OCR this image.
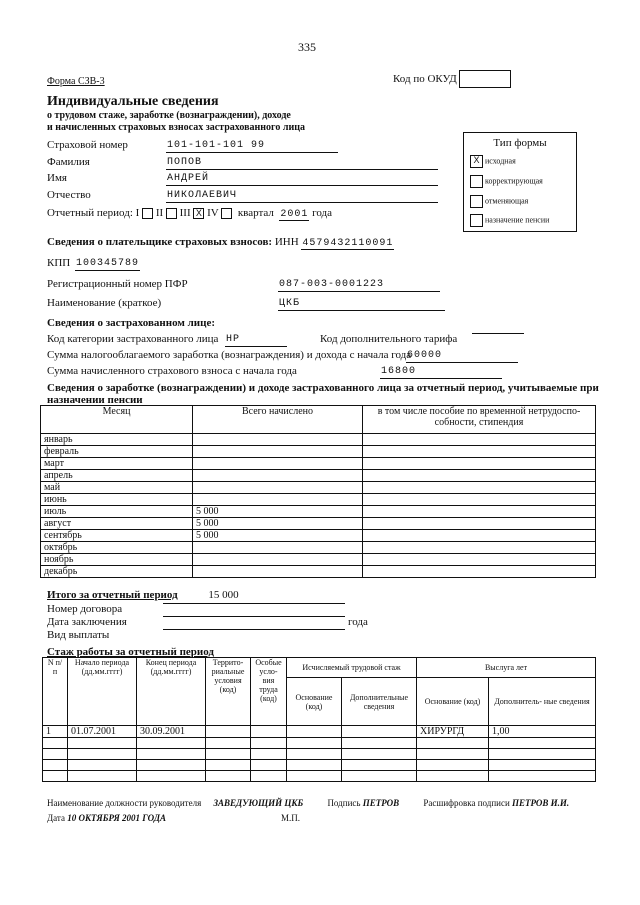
335
Форма СЗВ-3	Код по ОКУД
Индивидуальные сведения
о трудовом стаже, заработке (вознаграждении), доходе
и начисленных страховых взносах застрахованного лица
Страховой номер	101-101-101 99
Фамилия	ПОПОВ
Имя	АНДРЕЙ
Отчество	НИКОЛАЕВИЧ
Отчетный период: I II III X IV квартал 2001 года
Тип формы
X исходная
корректирующая
отменяющая
назначение пенсии
Сведения о плательщике страховых взносов: ИНН 4579432110091
КПП 100345789
Регистрационный номер ПФР	087-003-0001223
Наименование (краткое)	ЦКБ
Сведения о застрахованном лице:
Код категории застрахованного лица НР	Код дополнительного тарифа
Сумма налогооблагаемого заработка (вознаграждения) и дохода с начала года
60000
Сумма начисленного страхового взноса с начала года	16800
Сведения о заработке (вознаграждении) и доходе застрахованного лица за отчетный период, учитываемые при
назначении пенсии
Месяц	Всего начислено	в том числе пособие по временной нетрудоспо-
собности, стипендия

январь		
февраль		
март		
апрель		
май		
июнь		
июль	5 000	
август	5 000	
сентябрь	5 000	
октябрь		
ноябрь		
декабрь		
Итого за отчетный период	15 000
Номер договора
Дата заключения	года
Вид выплаты
Стаж работы за отчетный период
N п/п	Начало периода (дд.мм.гггг)	Конец периода (дд.мм.гггг)	Террито- риальные условия (код)	Особые усло- вия труда (код)	Исчисляемый трудовой стаж		Выслуга лет	
					Основание (код)	Дополнительные сведения	Основание (код)	Дополнитель- ные сведения
1	01.07.2001	30.09.2001					ХИРУРГД	1,00

Наименование должности руководителя ЗАВЕДУЮЩИЙ ЦКБ	Подпись ПЕТРОВ	Расшифровка подписи ПЕТРОВ И.И.
Дата 10 ОКТЯБРЯ 2001 ГОДА	М.П.
